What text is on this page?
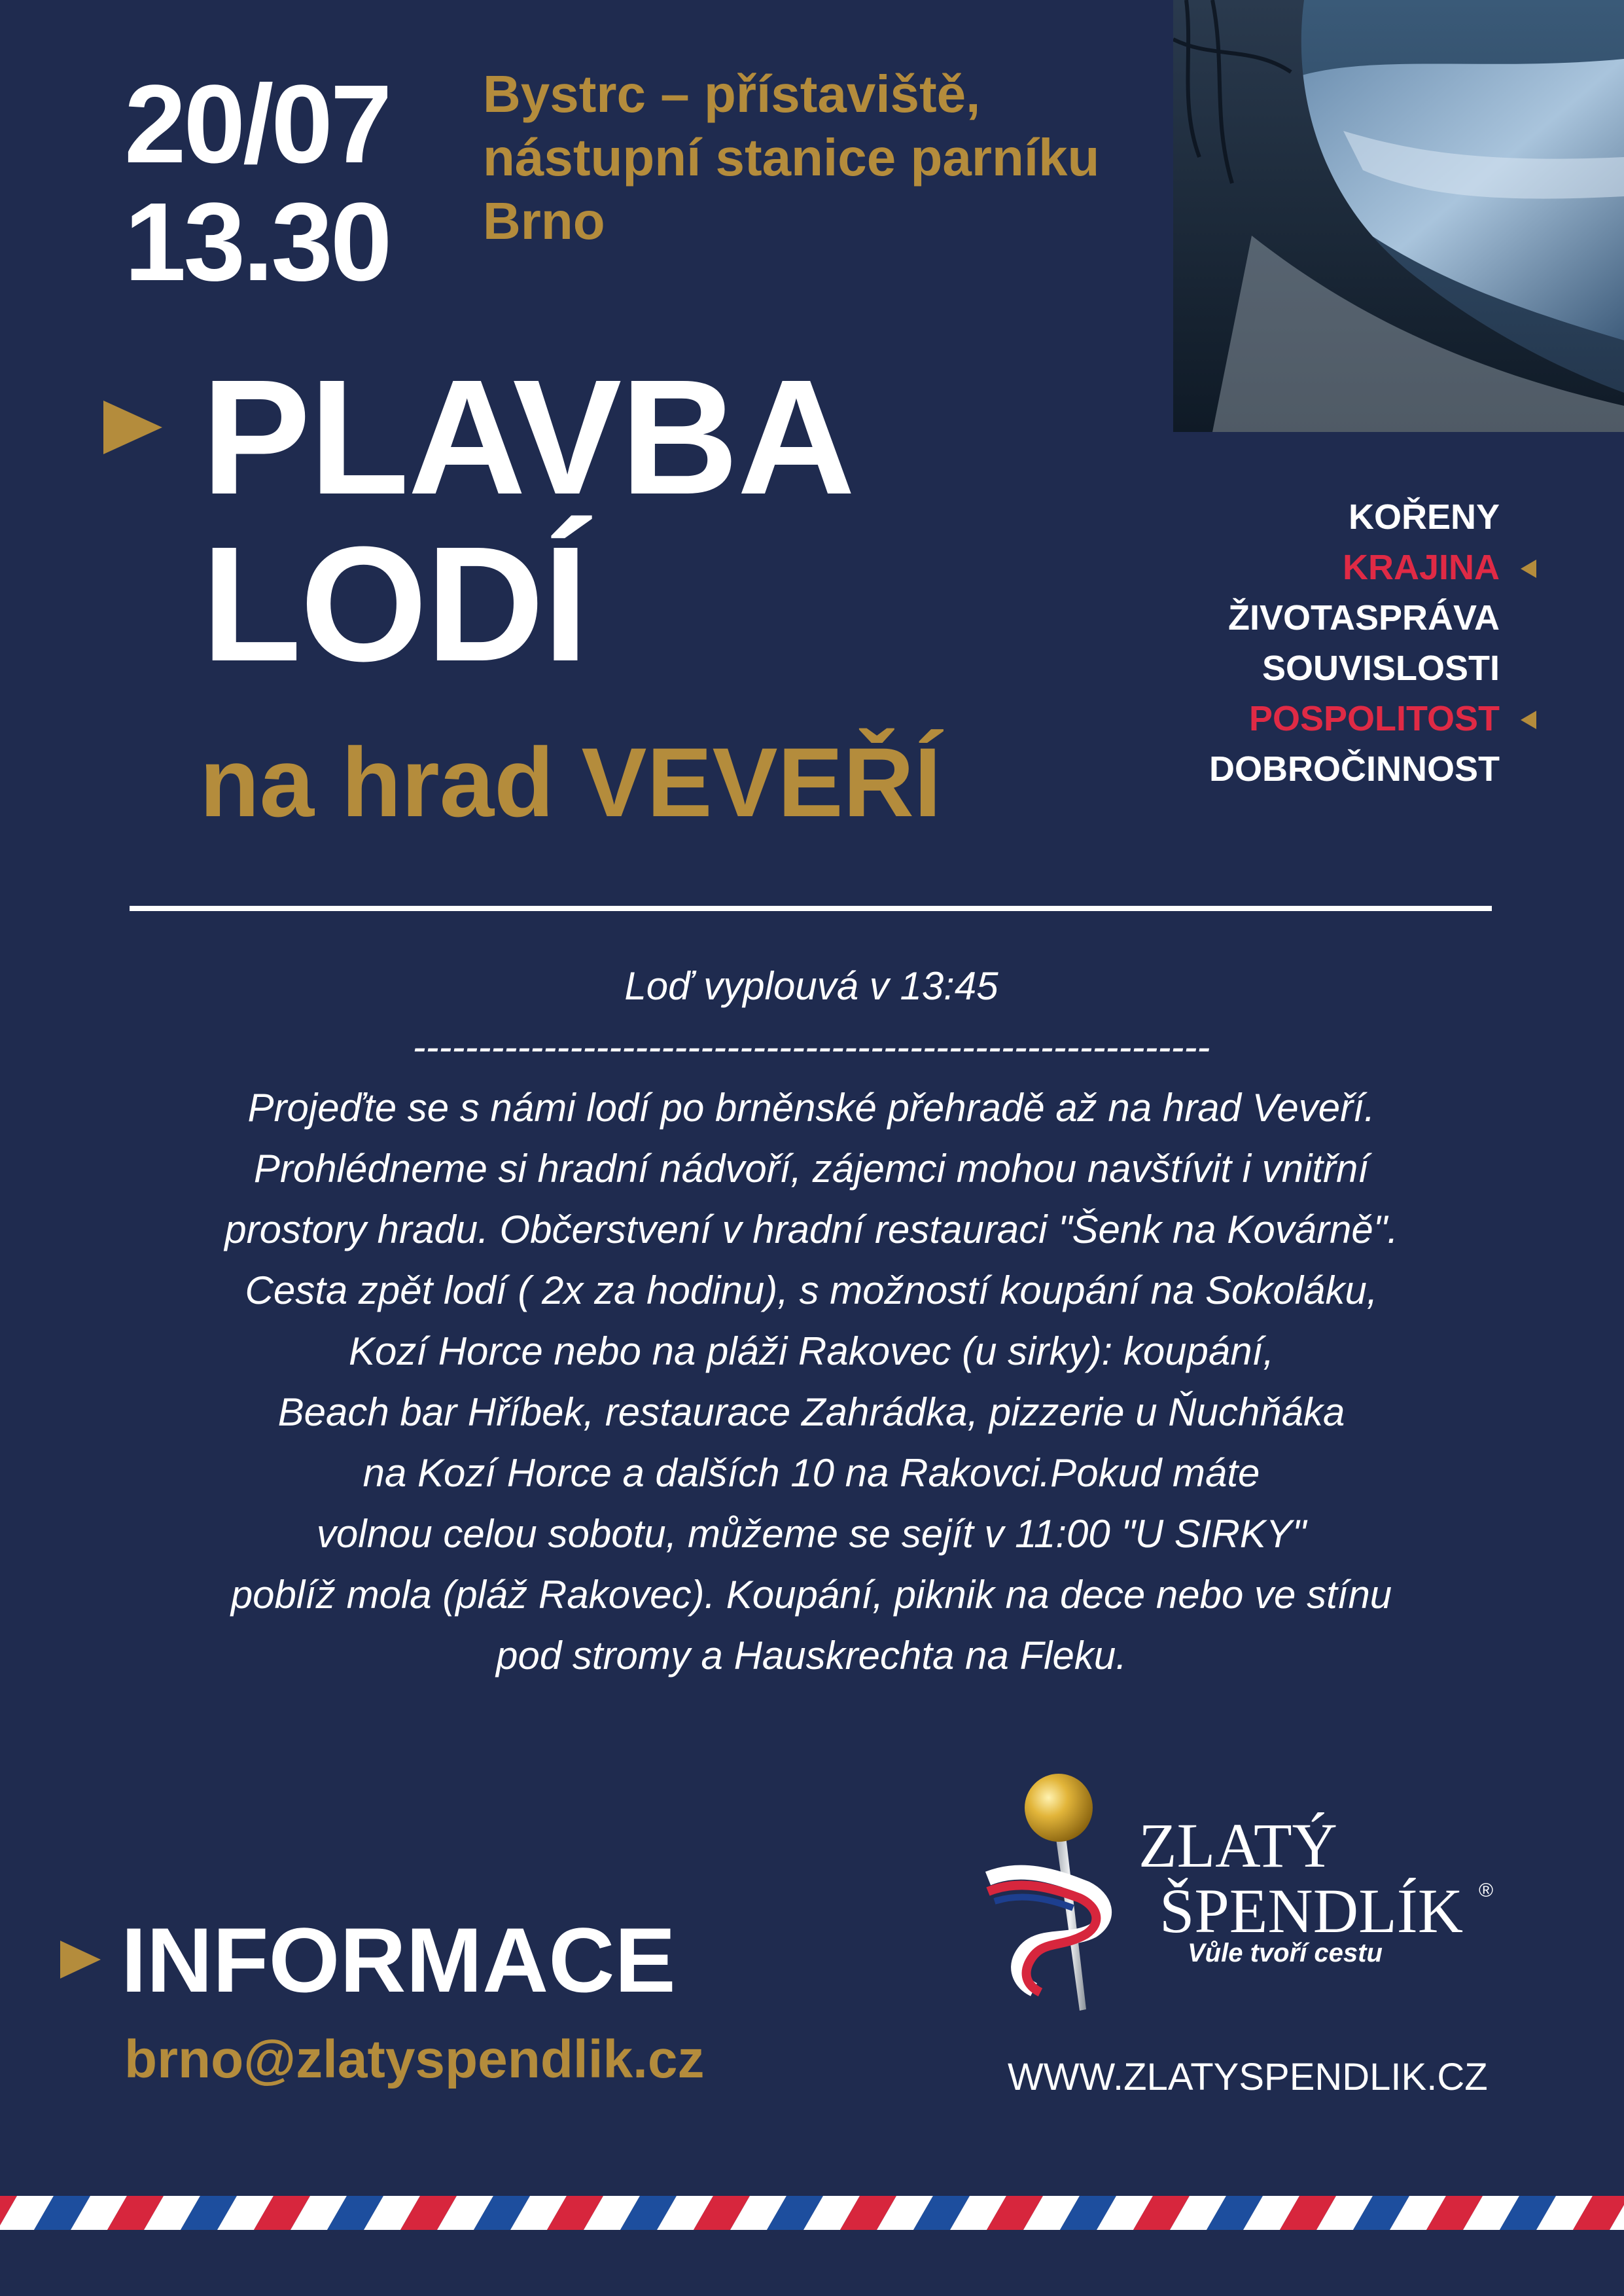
20/07
13.30
Bystrc – přístaviště,
nástupní stanice parníku
Brno
PLAVBA
LODÍ
na hrad VEVEŘÍ
KOŘENY
KRAJINA
ŽIVOTASPRÁVA
SOUVISLOSTI
POSPOLITOST
DOBROČINNOST
Loď vyplouvá v 13:45
-------------------------------------------------------------
Projeďte se s námi lodí po brněnské přehradě až na hrad Veveří.
Prohlédneme si hradní nádvoří, zájemci mohou navštívit i vnitřní
prostory hradu. Občerstvení v hradní restauraci "Šenk na Kovárně".
Cesta zpět lodí ( 2x za hodinu), s možností koupání na Sokoláku,
Kozí Horce nebo na pláži Rakovec (u sirky): koupání,
Beach bar Hříbek, restaurace Zahrádka, pizzerie u Ňuchňáka
na Kozí Horce a dalších 10 na Rakovci.Pokud máte
volnou celou sobotu, můžeme se sejít v 11:00 "U SIRKY"
poblíž mola (pláž Rakovec). Koupání, piknik na dece nebo ve stínu
pod stromy a Hauskrechta na Fleku.
INFORMACE
brno@zlatyspendlik.cz
ZLATÝ
ŠPENDLÍK ®
Vůle tvoří cestu
WWW.ZLATYSPENDLIK.CZ
